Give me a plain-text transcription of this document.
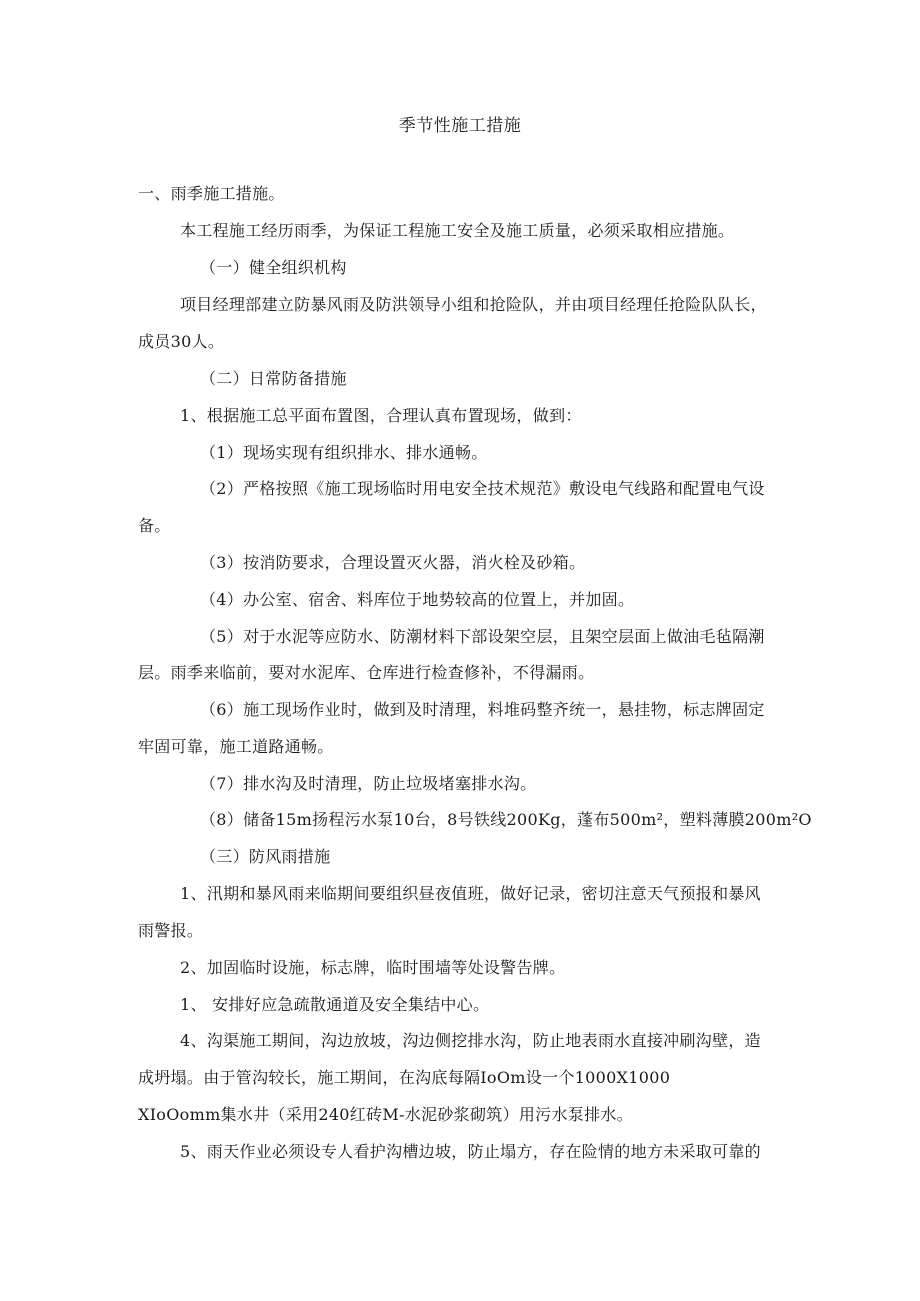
季节性施工措施
一、雨季施工措施。
本工程施工经历雨季，为保证工程施工安全及施工质量，必须采取相应措施。
（一）健全组织机构
项目经理部建立防暴风雨及防洪领导小组和抢险队，并由项目经理任抢险队队长，
成员30人。
（二）日常防备措施
1、根据施工总平面布置图，合理认真布置现场，做到：
（1）现场实现有组织排水、排水通畅。
（2）严格按照《施工现场临时用电安全技术规范》敷设电气线路和配置电气设
备。
（3）按消防要求，合理设置灭火器，消火栓及砂箱。
（4）办公室、宿舍、料库位于地势较高的位置上，并加固。
（5）对于水泥等应防水、防潮材料下部设架空层，且架空层面上做油毛毡隔潮
层。雨季来临前，要对水泥库、仓库进行检查修补，不得漏雨。
（6）施工现场作业时，做到及时清理，料堆码整齐统一，悬挂物，标志牌固定
牢固可靠，施工道路通畅。
（7）排水沟及时清理，防止垃圾堵塞排水沟。
（8）储备15m扬程污水泵10台，8号铁线200Kg，蓬布500m²，塑料薄膜200m²O
（三）防风雨措施
1、汛期和暴风雨来临期间要组织昼夜值班，做好记录，密切注意天气预报和暴风
雨警报。
2、加固临时设施，标志牌，临时围墙等处设警告牌。
1、 安排好应急疏散通道及安全集结中心。
4、沟渠施工期间，沟边放坡，沟边侧挖排水沟，防止地表雨水直接冲刷沟壁，造
成坍塌。由于管沟较长，施工期间，在沟底每隔IoOm设一个1000X1000
XIoOomm集水井（采用240红砖M-水泥砂浆砌筑）用污水泵排水。
5、雨天作业必须设专人看护沟槽边坡，防止塌方，存在险情的地方未采取可靠的
